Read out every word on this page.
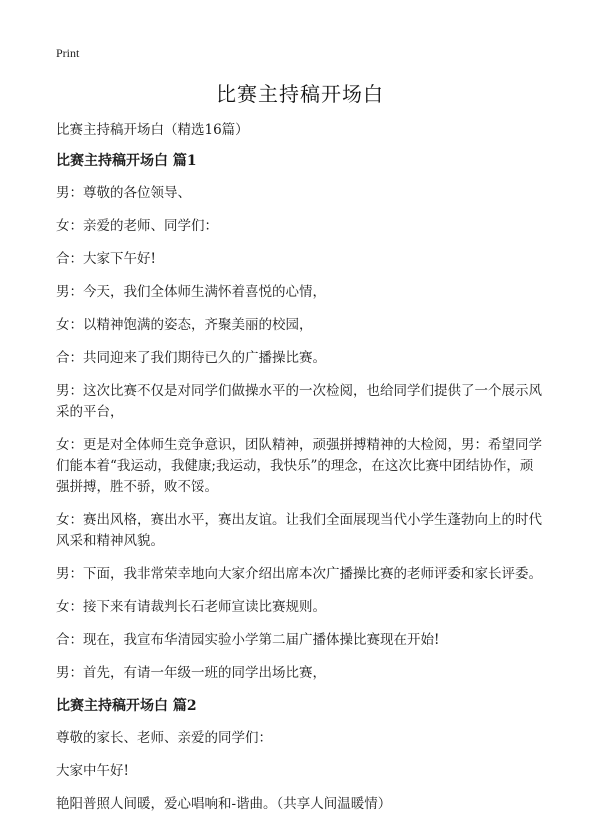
Print
比赛主持稿开场白

比赛主持稿开场白（精选16篇）

比赛主持稿开场白 篇1

男：尊敬的各位领导、

女：亲爱的老师、同学们：

合：大家下午好!

男：今天，我们全体师生满怀着喜悦的心情，

女：以精神饱满的姿态，齐聚美丽的校园，

合：共同迎来了我们期待已久的广播操比赛。

男：这次比赛不仅是对同学们做操水平的一次检阅，也给同学们提供了一个展示风采的平台，

女：更是对全体师生竞争意识，团队精神，顽强拼搏精神的大检阅，男：希望同学们能本着“我运动，我健康;我运动，我快乐”的理念，在这次比赛中团结协作，顽强拼搏，胜不骄，败不馁。

女：赛出风格，赛出水平，赛出友谊。让我们全面展现当代小学生蓬勃向上的时代风采和精神风貌。

男：下面，我非常荣幸地向大家介绍出席本次广播操比赛的老师评委和家长评委。

女：接下来有请裁判长石老师宣读比赛规则。

合：现在，我宣布华清园实验小学第二届广播体操比赛现在开始!

男：首先，有请一年级一班的同学出场比赛，

比赛主持稿开场白 篇2

尊敬的家长、老师、亲爱的同学们：

大家中午好!

艳阳普照人间暖，爱心唱响和-谐曲。（共享人间温暖情）
